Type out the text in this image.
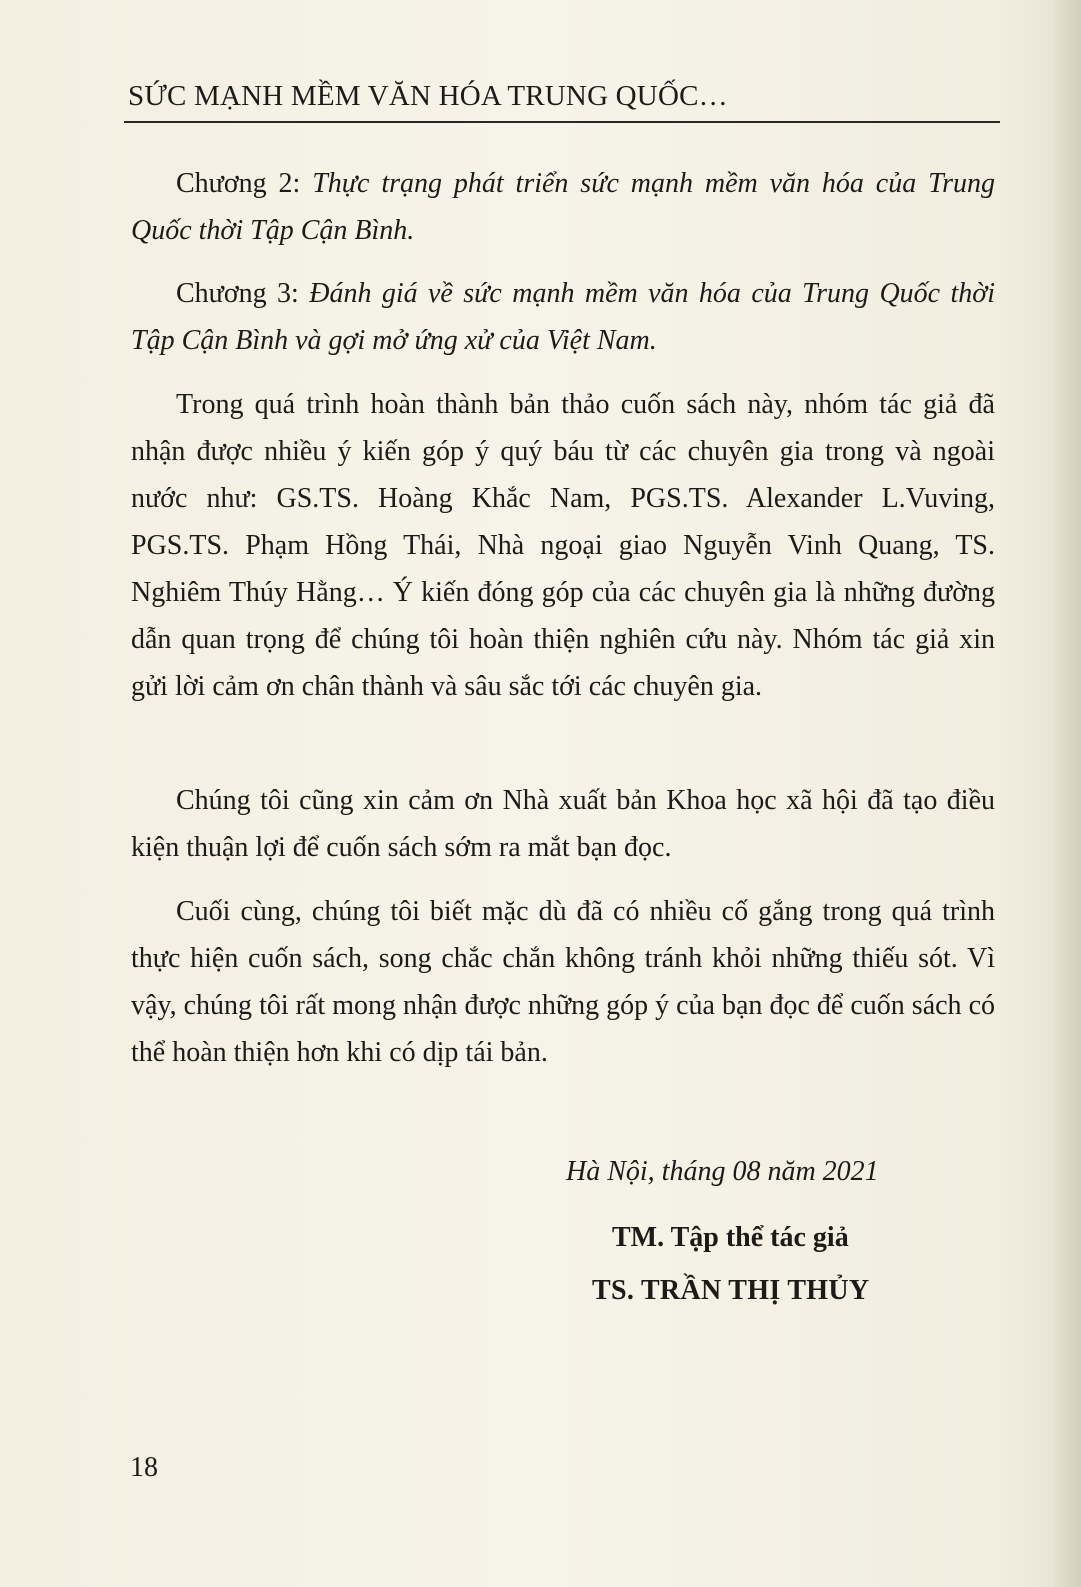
SỨC MẠNH MỀM VĂN HÓA TRUNG QUỐC…

Chương 2: Thực trạng phát triển sức mạnh mềm văn hóa của Trung Quốc thời Tập Cận Bình.

Chương 3: Đánh giá về sức mạnh mềm văn hóa của Trung Quốc thời Tập Cận Bình và gợi mở ứng xử của Việt Nam.

Trong quá trình hoàn thành bản thảo cuốn sách này, nhóm tác giả đã nhận được nhiều ý kiến góp ý quý báu từ các chuyên gia trong và ngoài nước như: GS.TS. Hoàng Khắc Nam, PGS.TS. Alexander L.Vuving, PGS.TS. Phạm Hồng Thái, Nhà ngoại giao Nguyễn Vinh Quang, TS. Nghiêm Thúy Hằng… Ý kiến đóng góp của các chuyên gia là những đường dẫn quan trọng để chúng tôi hoàn thiện nghiên cứu này. Nhóm tác giả xin gửi lời cảm ơn chân thành và sâu sắc tới các chuyên gia.

Chúng tôi cũng xin cảm ơn Nhà xuất bản Khoa học xã hội đã tạo điều kiện thuận lợi để cuốn sách sớm ra mắt bạn đọc.

Cuối cùng, chúng tôi biết mặc dù đã có nhiều cố gắng trong quá trình thực hiện cuốn sách, song chắc chắn không tránh khỏi những thiếu sót. Vì vậy, chúng tôi rất mong nhận được những góp ý của bạn đọc để cuốn sách có thể hoàn thiện hơn khi có dịp tái bản.

Hà Nội, tháng 08 năm 2021
TM. Tập thể tác giả
TS. TRẦN THỊ THỦY
18
